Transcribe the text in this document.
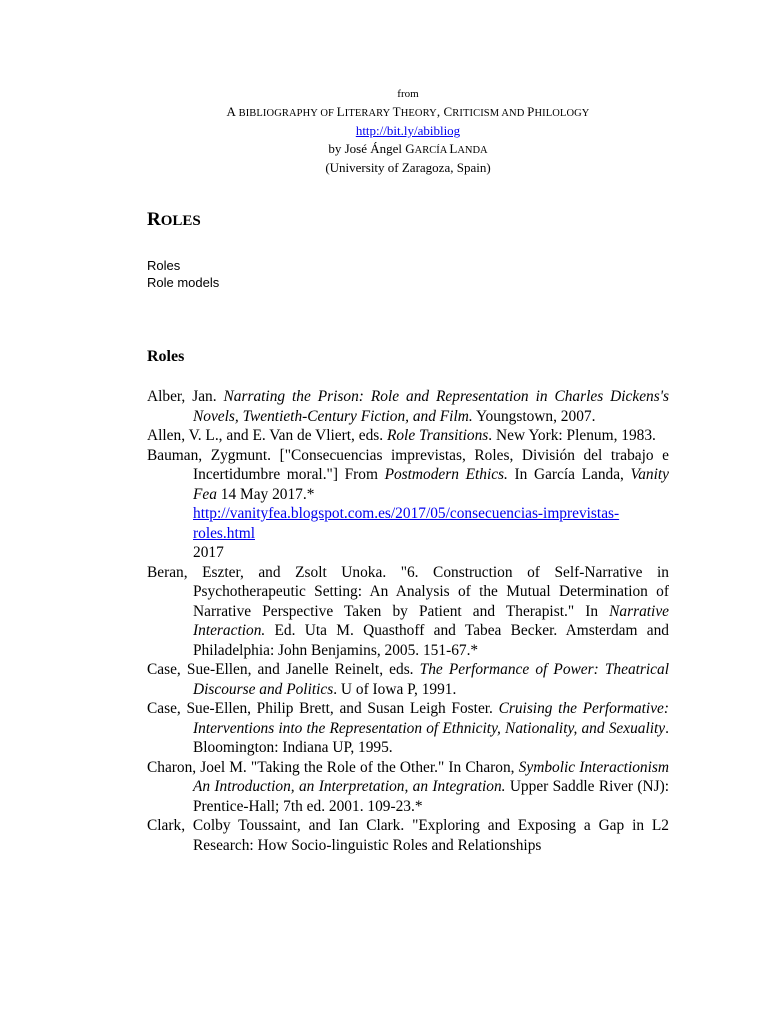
from
A BIBLIOGRAPHY OF LITERARY THEORY, CRITICISM AND PHILOLOGY
http://bit.ly/abibliog
by José Ángel GARCÍA LANDA
(University of Zaragoza, Spain)
ROLES
Roles
Role models
Roles

Alber, Jan. Narrating the Prison: Role and Representation in Charles Dickens's Novels, Twentieth-Century Fiction, and Film. Youngstown, 2007.

Allen, V. L., and E. Van de Vliert, eds. Role Transitions. New York: Plenum, 1983.

Bauman, Zygmunt. ["Consecuencias imprevistas, Roles, División del trabajo e Incertidumbre moral."] From Postmodern Ethics. In García Landa, Vanity Fea 14 May 2017.*
http://vanityfea.blogspot.com.es/2017/05/consecuencias-imprevistas-roles.html
2017

Beran, Eszter, and Zsolt Unoka. "6. Construction of Self-Narrative in Psychotherapeutic Setting: An Analysis of the Mutual Determination of Narrative Perspective Taken by Patient and Therapist." In Narrative Interaction. Ed. Uta M. Quasthoff and Tabea Becker. Amsterdam and Philadelphia: John Benjamins, 2005. 151-67.*

Case, Sue-Ellen, and Janelle Reinelt, eds. The Performance of Power: Theatrical Discourse and Politics. U of Iowa P, 1991.

Case, Sue-Ellen, Philip Brett, and Susan Leigh Foster. Cruising the Performative: Interventions into the Representation of Ethnicity, Nationality, and Sexuality. Bloomington: Indiana UP, 1995.

Charon, Joel M. "Taking the Role of the Other." In Charon, Symbolic Interactionism An Introduction, an Interpretation, an Integration. Upper Saddle River (NJ): Prentice-Hall; 7th ed. 2001. 109-23.*

Clark, Colby Toussaint, and Ian Clark. "Exploring and Exposing a Gap in L2 Research: How Socio-linguistic Roles and Relationships
